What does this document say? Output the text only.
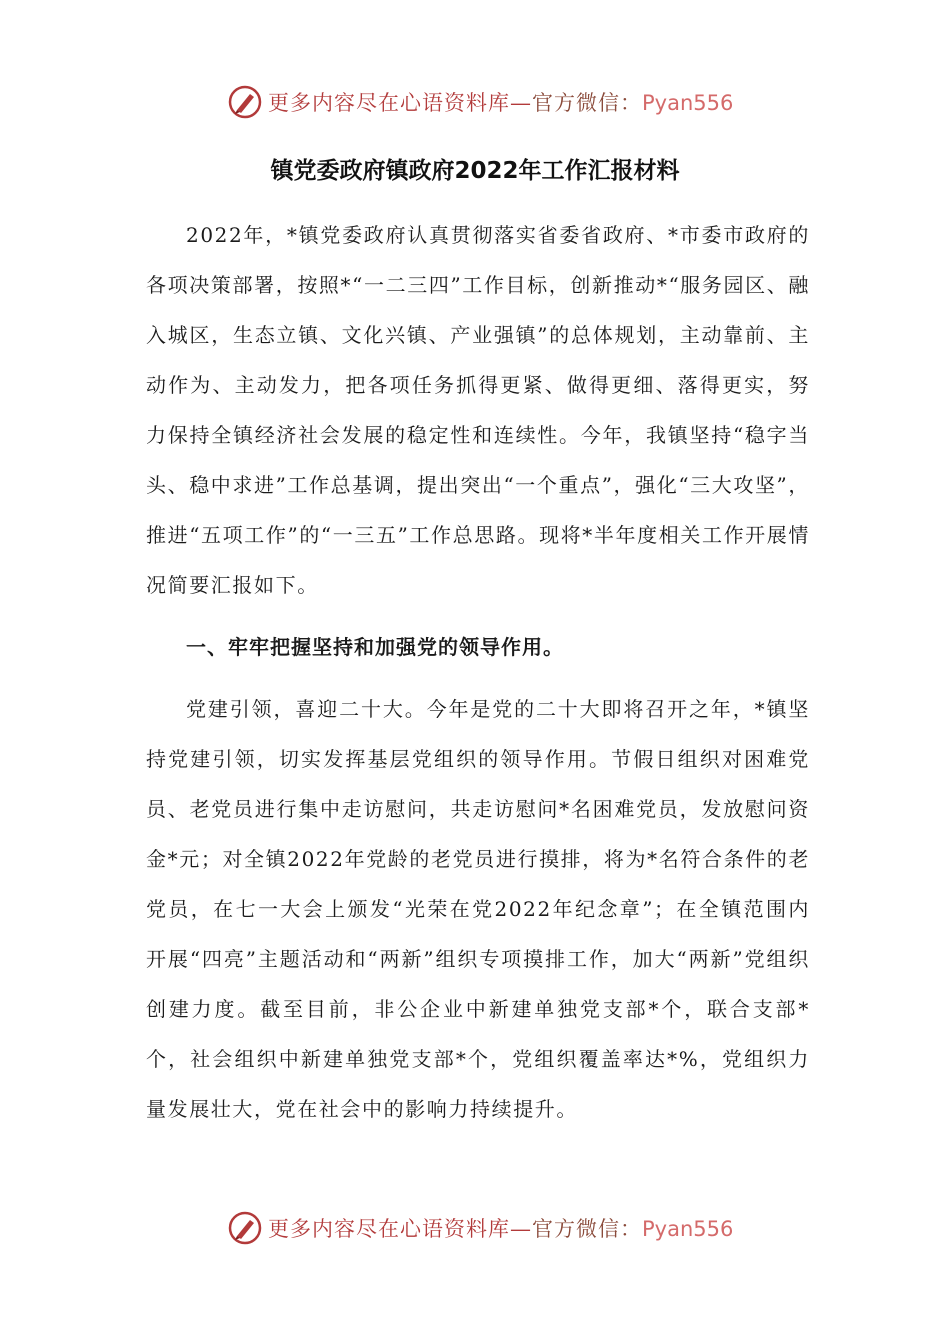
更多内容尽在心语资料库—官方微信：Pyan556
镇党委政府镇政府2022年工作汇报材料

2022年，*镇党委政府认真贯彻落实省委省政府、*市委市政府的各项决策部署，按照*“一二三四”工作目标，创新推动*“服务园区、融入城区，生态立镇、文化兴镇、产业强镇”的总体规划，主动靠前、主动作为、主动发力，把各项任务抓得更紧、做得更细、落得更实，努力保持全镇经济社会发展的稳定性和连续性。今年，我镇坚持“稳字当头、稳中求进”工作总基调，提出突出“一个重点”，强化“三大攻坚”，推进“五项工作”的“一三五”工作总思路。现将*半年度相关工作开展情况简要汇报如下。

一、牢牢把握坚持和加强党的领导作用。

党建引领，喜迎二十大。今年是党的二十大即将召开之年，*镇坚持党建引领，切实发挥基层党组织的领导作用。节假日组织对困难党员、老党员进行集中走访慰问，共走访慰问*名困难党员，发放慰问资金*元；对全镇2022年党龄的老党员进行摸排，将为*名符合条件的老党员，在七一大会上颁发“光荣在党2022年纪念章”；在全镇范围内开展“四亮”主题活动和“两新”组织专项摸排工作，加大“两新”党组织创建力度。截至目前，非公企业中新建单独党支部*个，联合支部*个，社会组织中新建单独党支部*个，党组织覆盖率达*%，党组织力量发展壮大，党在社会中的影响力持续提升。

更多内容尽在心语资料库—官方微信：Pyan556
